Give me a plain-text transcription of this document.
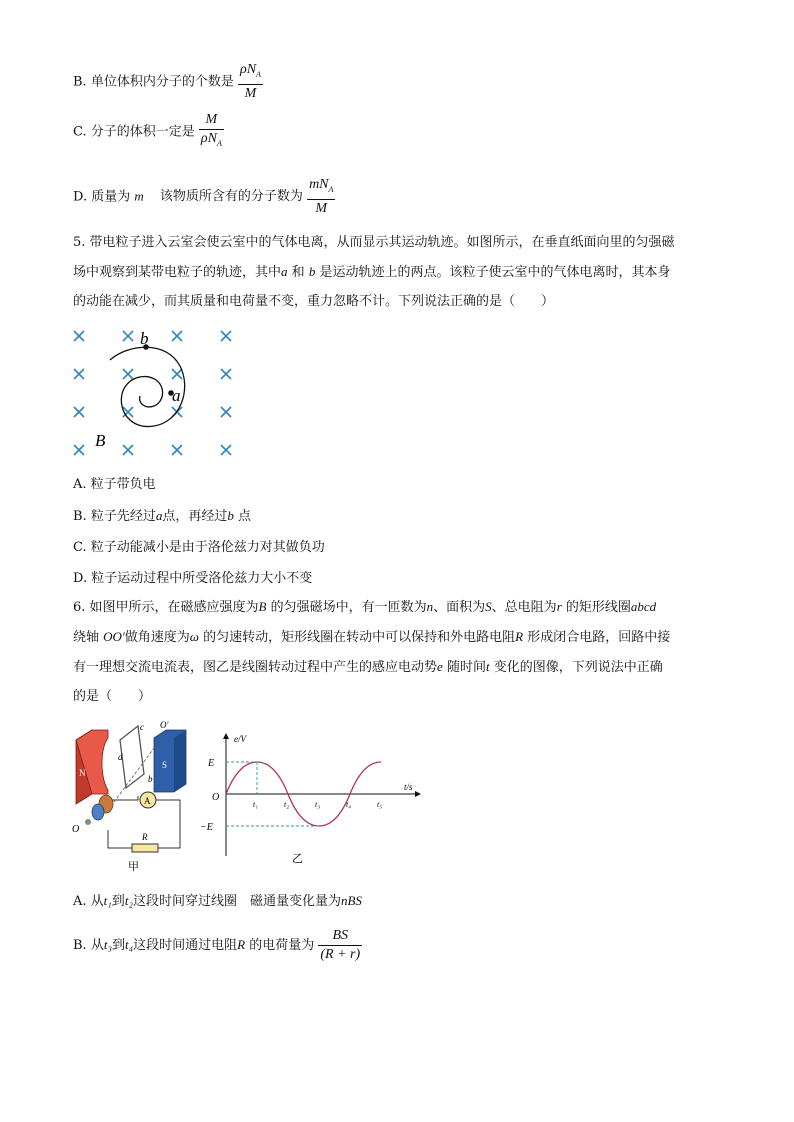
B. 单位体积内分子的个数是 $\frac{\rho N_A}{M}$
C. 分子的体积一定是 $\frac{M}{\rho N_A}$
D. 质量为 m 该物质所含有的分子数为 $\frac{mN_A}{M}$
5. 带电粒子进入云室会使云室中的气体电离，从而显示其运动轨迹。如图所示，在垂直纸面向里的匀强磁
场中观察到某带电粒子的轨迹，其中a 和 b 是运动轨迹上的两点。该粒子使云室中的气体电离时，其本身
的动能在减少，而其质量和电荷量不变，重力忽略不计。下列说法正确的是（　　）
b
a
B
A. 粒子带负电
B. 粒子先经过a点，再经过b 点
C. 粒子动能减小是由于洛伦兹力对其做负功
D. 粒子运动过程中所受洛伦兹力大小不变
6. 如图甲所示，在磁感应强度为B 的匀强磁场中，有一匝数为n、面积为S、总电阻为r 的矩形线圈abcd
绕轴 OO′做角速度为ω 的匀速转动，矩形线圈在转动中可以保持和外电路电阻R 形成闭合电路，回路中接
有一理想交流电流表，图乙是线圈转动过程中产生的感应电动势e 随时间t 变化的图像，下列说法中正确
的是（　　）
N
S
c
d
b
O′
O
A
R
甲
e/V
t/s
E
−E
O
t₁	t₂	t₃	t₄	t₅
乙
A. 从t₁到t₂这段时间穿过线圈　磁通量变化量为nBS
B. 从t₃到t₄这段时间通过电阻R 的电荷量为 $\frac{BS}{(R + r)}$
